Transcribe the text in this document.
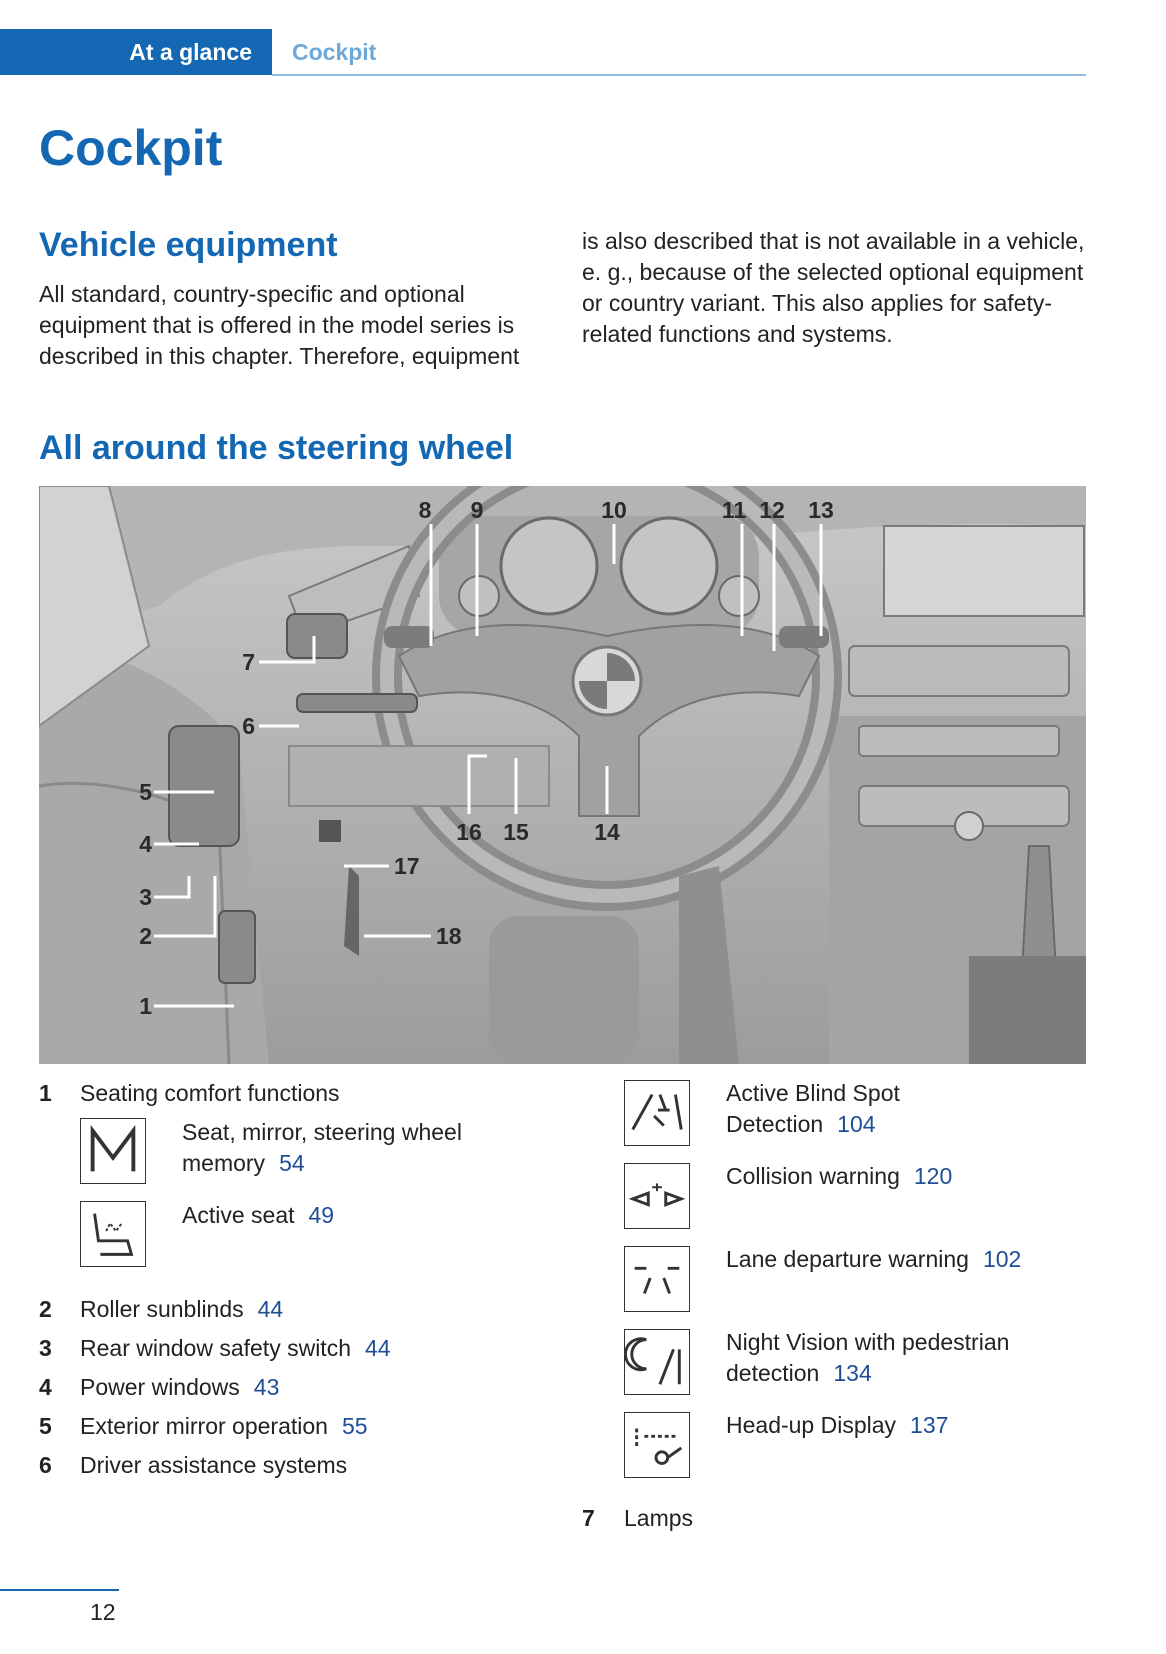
At a glance	Cockpit
Cockpit
Vehicle equipment

All standard, country-specific and optional equipment that is offered in the model series is described in this chapter. Therefore, equipment

is also described that is not available in a vehicle, e. g., because of the selected optional equipment or country variant. This also applies for safety-related functions and systems.

All around the steering wheel
8 9	10	11 12 13
7
6
5
4
3
2
1
16 15	14
17
18
1 Seating comfort functions
Seat, mirror, steering wheel memory 54
Active seat 49
2 Roller sunblinds 44
3 Rear window safety switch 44
4 Power windows 43
5 Exterior mirror operation 55
6 Driver assistance systems
Active Blind Spot Detection 104
Collision warning 120
Lane departure warning 102
Night Vision with pedestrian detection 134
Head-up Display 137
7 Lamps
12
